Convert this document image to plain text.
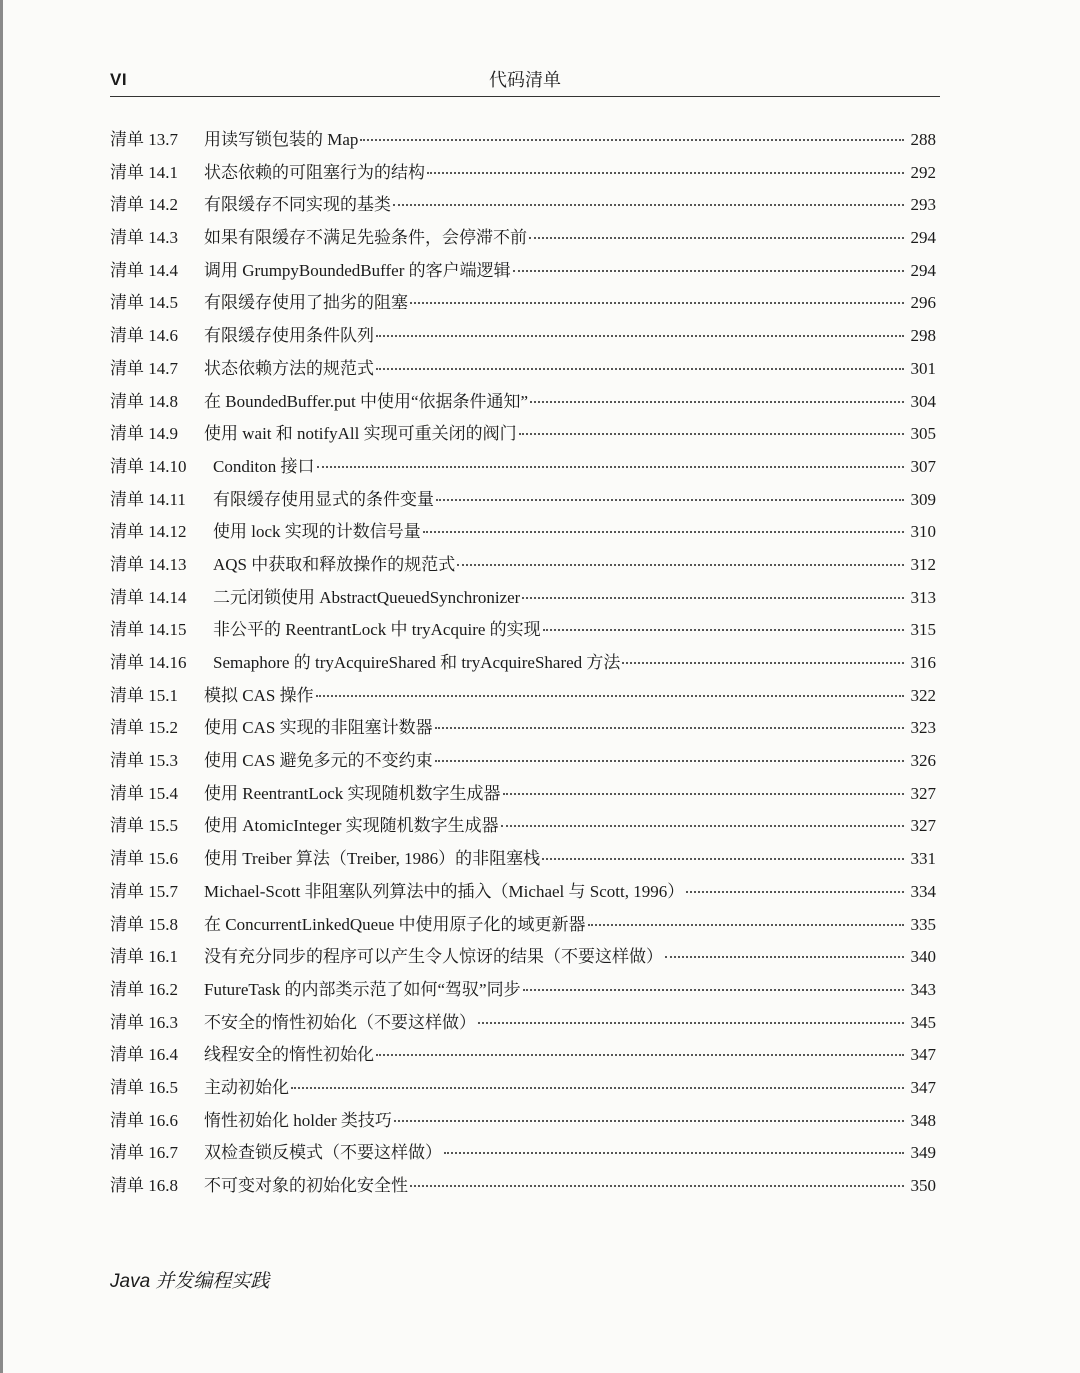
VI	代码清单
清单 13.7	用读写锁包装的 Map	288
清单 14.1	状态依赖的可阻塞行为的结构	292
清单 14.2	有限缓存不同实现的基类	293
清单 14.3	如果有限缓存不满足先验条件，会停滞不前	294
清单 14.4	调用 GrumpyBoundedBuffer 的客户端逻辑	294
清单 14.5	有限缓存使用了拙劣的阻塞	296
清单 14.6	有限缓存使用条件队列	298
清单 14.7	状态依赖方法的规范式	301
清单 14.8	在 BoundedBuffer.put 中使用“依据条件通知”	304
清单 14.9	使用 wait 和 notifyAll 实现可重关闭的阀门	305
清单 14.10	Conditon 接口	307
清单 14.11	有限缓存使用显式的条件变量	309
清单 14.12	使用 lock 实现的计数信号量	310
清单 14.13	AQS 中获取和释放操作的规范式	312
清单 14.14	二元闭锁使用 AbstractQueuedSynchronizer	313
清单 14.15	非公平的 ReentrantLock 中 tryAcquire 的实现	315
清单 14.16	Semaphore 的 tryAcquireShared 和 tryAcquireShared 方法	316
清单 15.1	模拟 CAS 操作	322
清单 15.2	使用 CAS 实现的非阻塞计数器	323
清单 15.3	使用 CAS 避免多元的不变约束	326
清单 15.4	使用 ReentrantLock 实现随机数字生成器	327
清单 15.5	使用 AtomicInteger 实现随机数字生成器	327
清单 15.6	使用 Treiber 算法（Treiber, 1986）的非阻塞栈	331
清单 15.7	Michael-Scott 非阻塞队列算法中的插入（Michael 与 Scott, 1996）	334
清单 15.8	在 ConcurrentLinkedQueue 中使用原子化的域更新器	335
清单 16.1	没有充分同步的程序可以产生令人惊讶的结果（不要这样做）	340
清单 16.2	FutureTask 的内部类示范了如何“驾驭”同步	343
清单 16.3	不安全的惰性初始化（不要这样做）	345
清单 16.4	线程安全的惰性初始化	347
清单 16.5	主动初始化	347
清单 16.6	惰性初始化 holder 类技巧	348
清单 16.7	双检查锁反模式（不要这样做）	349
清单 16.8	不可变对象的初始化安全性	350
Java 并发编程实践
